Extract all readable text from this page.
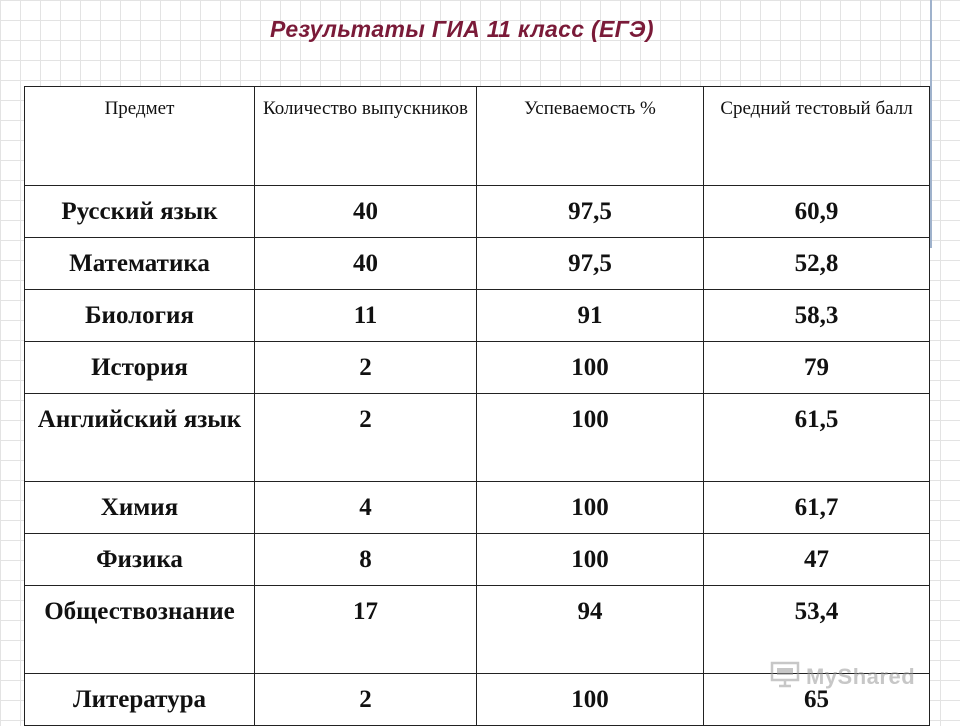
Результаты ГИА 11 класс (ЕГЭ)
Предмет	Количество выпускников	Успеваемость %	Средний тестовый балл
Русский язык	40	97,5	60,9
Математика	40	97,5	52,8
Биология	11	91	58,3
История	2	100	79
Английский язык	2	100	61,5
Химия	4	100	61,7
Физика	8	100	47
Обществознание	17	94	53,4
Литература	2	100	65
MyShared
